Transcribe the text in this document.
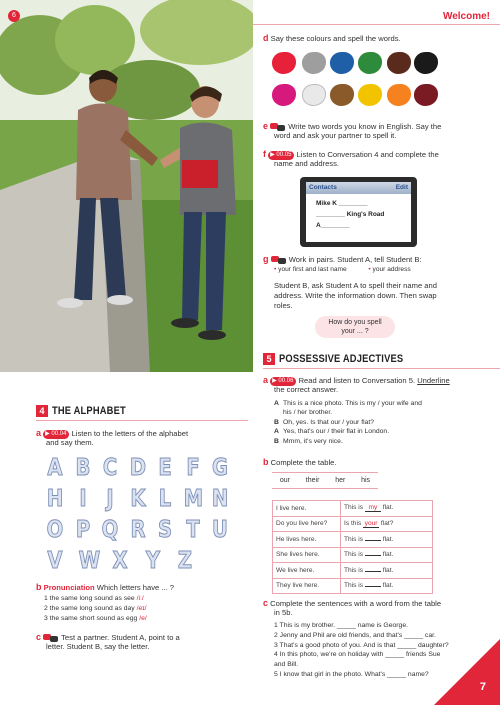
6	Welcome!
d Say these colours and spell the words.
e	Write two words you know in English. Say the
word and ask your partner to spell it.
f ▶ 00.05 Listen to Conversation 4 and complete the
name and address.
Contacts	Edit
Mike K ________
________ King's Road
A________
g	Work in pairs. Student A, tell Student B:
• your first and last name	• your address
Student B, ask Student A to spell their name and
address. Write the information down. Then swap
roles.
How do you spell
your ... ?
5 POSSESSIVE ADJECTIVES
a ▶ 00.06 Read and listen to Conversation 5. Underline
the correct answer.
A This is a nice photo. This is my / your wife and
his / her brother.
B Oh, yes. Is that our / your flat?
A Yes, that's our / their flat in London.
B Mmm, it's very nice.
b Complete the table.
our their her his
I live here.	This is my flat.
Do you live here?	Is this your flat?
He lives here.	This is flat.
She lives here.	This is flat.
We live here.	This is flat.
They live here.	This is flat.
c Complete the sentences with a word from the table
in 5b.
1 This is my brother. _____ name is George.
2 Jenny and Phil are old friends, and that's _____ car.
3 That's a good photo of you. And is that _____ daughter?
4 In this photo, we're on holiday with _____ friends Sue
and Bill.
5 I know that girl in the photo. What's _____ name?
4 THE ALPHABET
a ▶ 00.04 Listen to the letters of the alphabet
and say them.
A B C D E F G
H I J K L M N
O P Q R S T U
V W X Y Z
b Pronunciation Which letters have ... ?
1 the same long sound as see /iː/
2 the same long sound as day /eɪ/
3 the same short sound as egg /e/
c	Test a partner. Student A, point to a
letter. Student B, say the letter.
7
